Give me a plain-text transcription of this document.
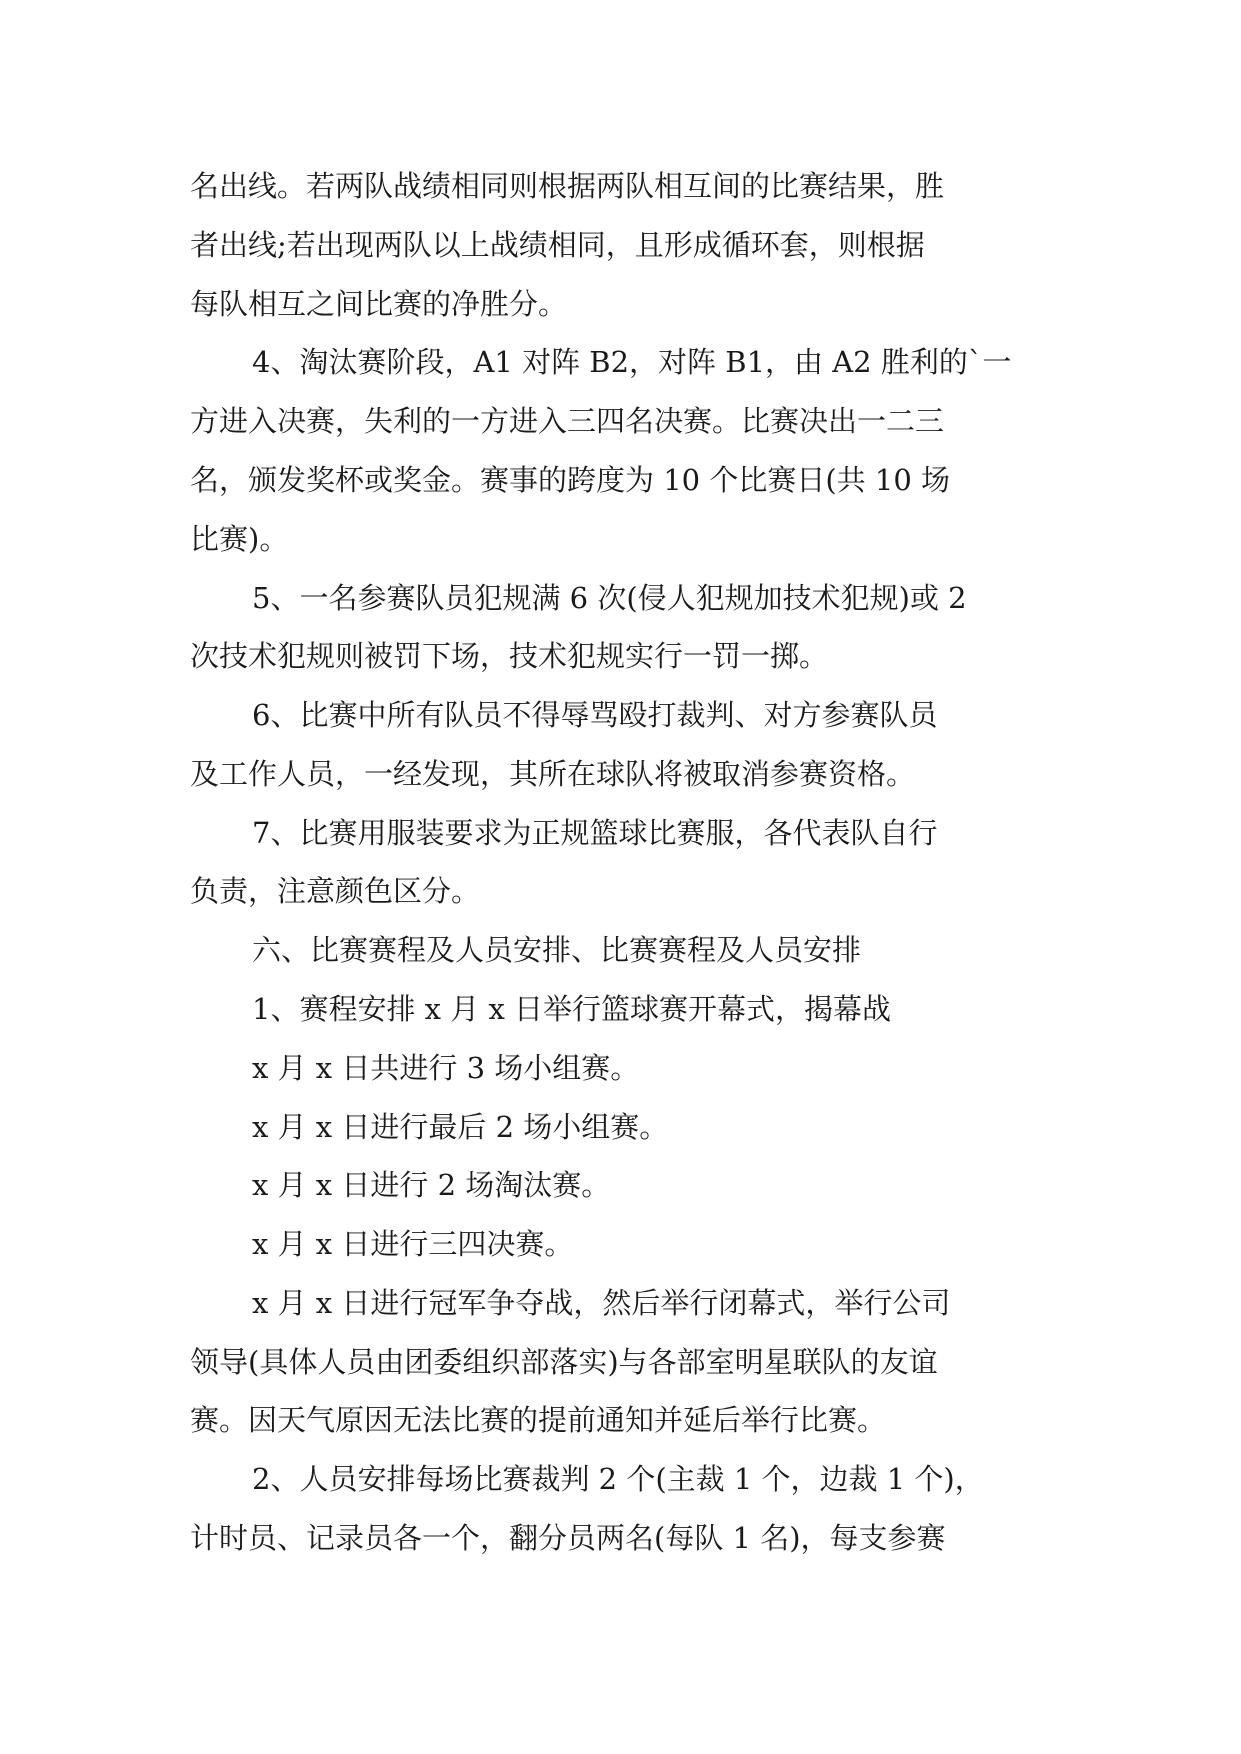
名出线。若两队战绩相同则根据两队相互间的比赛结果，胜
者出线;若出现两队以上战绩相同，且形成循环套，则根据
每队相互之间比赛的净胜分。
4、淘汰赛阶段，A1 对阵 B2，对阵 B1，由 A2 胜利的`一
方进入决赛，失利的一方进入三四名决赛。比赛决出一二三
名，颁发奖杯或奖金。赛事的跨度为 10 个比赛日(共 10 场
比赛)。
5、一名参赛队员犯规满 6 次(侵人犯规加技术犯规)或 2
次技术犯规则被罚下场，技术犯规实行一罚一掷。
6、比赛中所有队员不得辱骂殴打裁判、对方参赛队员
及工作人员，一经发现，其所在球队将被取消参赛资格。
7、比赛用服装要求为正规篮球比赛服，各代表队自行
负责，注意颜色区分。
六、比赛赛程及人员安排、比赛赛程及人员安排
1、赛程安排 x 月 x 日举行篮球赛开幕式，揭幕战
x 月 x 日共进行 3 场小组赛。
x 月 x 日进行最后 2 场小组赛。
x 月 x 日进行 2 场淘汰赛。
x 月 x 日进行三四决赛。
x 月 x 日进行冠军争夺战，然后举行闭幕式，举行公司
领导(具体人员由团委组织部落实)与各部室明星联队的友谊
赛。因天气原因无法比赛的提前通知并延后举行比赛。
2、人员安排每场比赛裁判 2 个(主裁 1 个，边裁 1 个)，
计时员、记录员各一个，翻分员两名(每队 1 名)，每支参赛
